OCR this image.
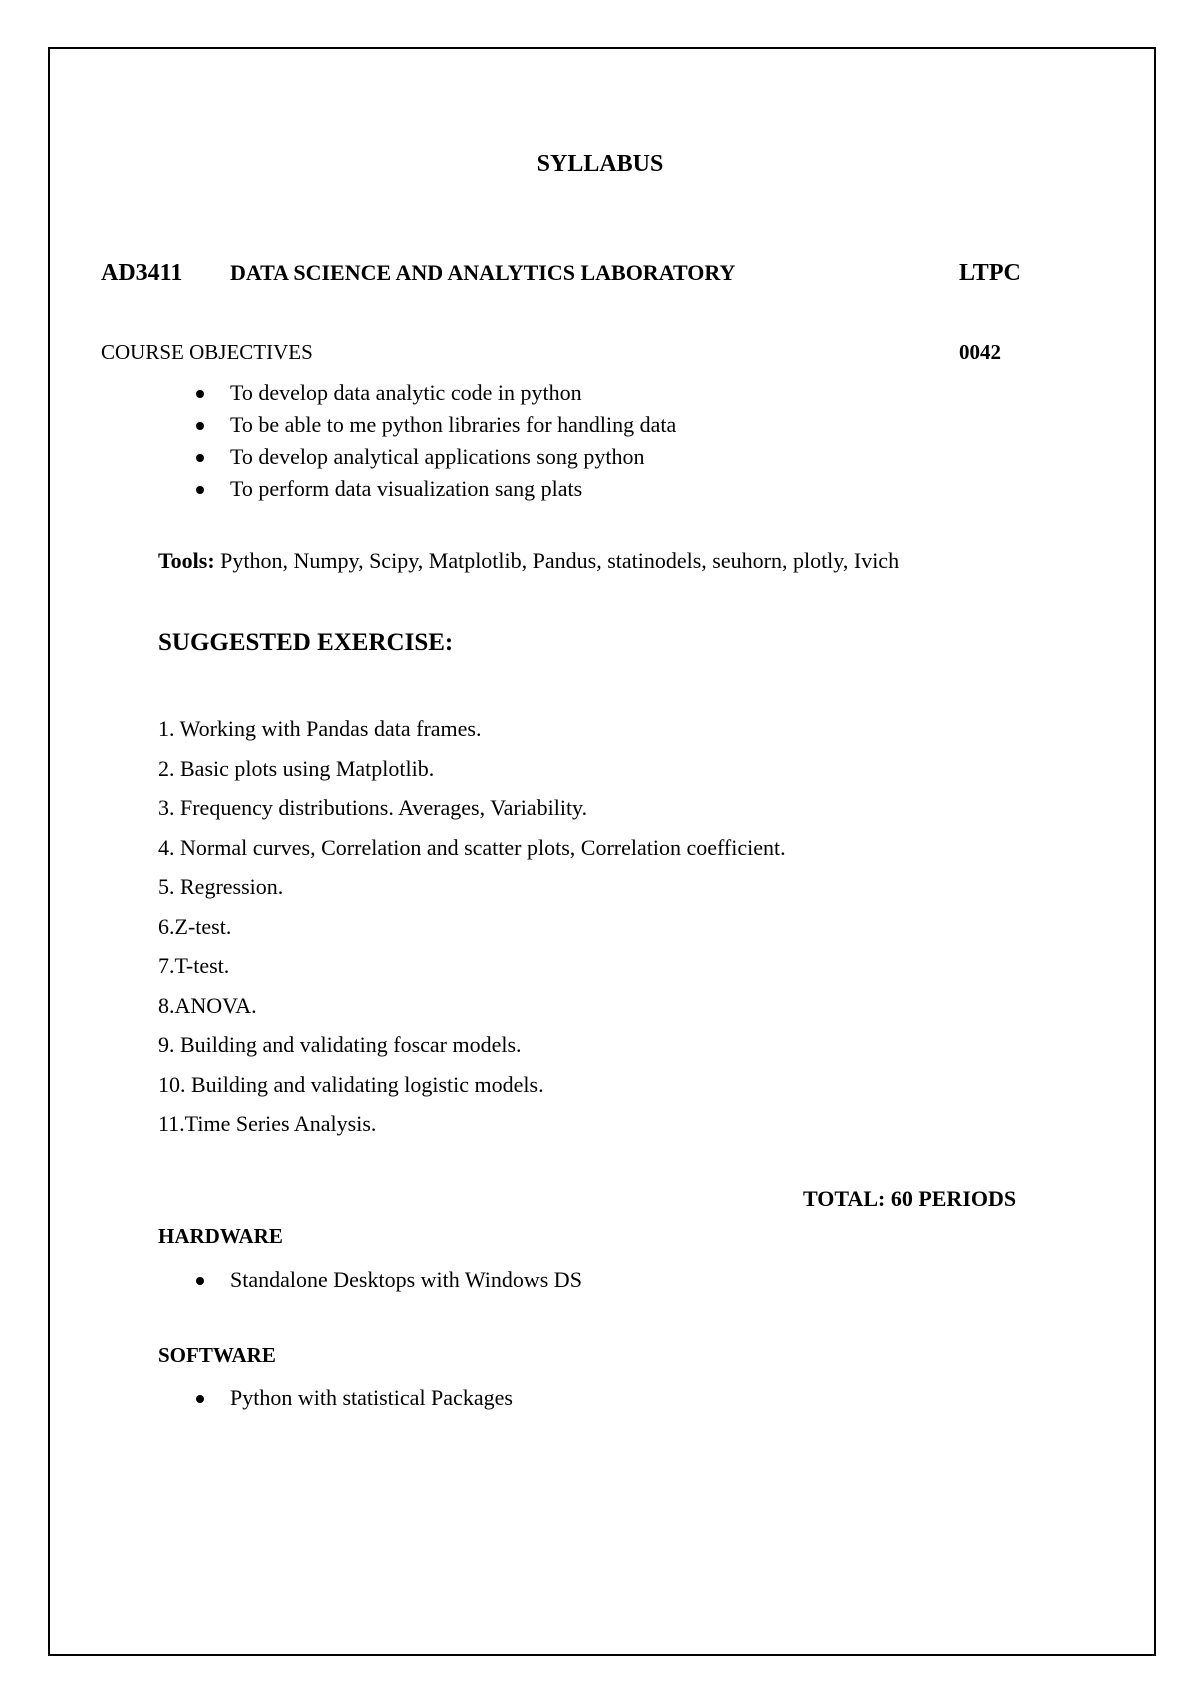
SYLLABUS
AD3411 DATA SCIENCE AND ANALYTICS LABORATORY	LTPC
COURSE OBJECTIVES	0042
To develop data analytic code in python
To be able to me python libraries for handling data
To develop analytical applications song python
To perform data visualization sang plats
Tools: Python, Numpy, Scipy, Matplotlib, Pandus, statinodels, seuhorn, plotly, Ivich
SUGGESTED EXERCISE:
1. Working with Pandas data frames.
2. Basic plots using Matplotlib.
3. Frequency distributions. Averages, Variability.
4. Normal curves, Correlation and scatter plots, Correlation coefficient.
5. Regression.
6.Z-test.
7.T-test.
8.ANOVA.
9. Building and validating foscar models.
10. Building and validating logistic models.
11.Time Series Analysis.
TOTAL: 60 PERIODS
HARDWARE
Standalone Desktops with Windows DS
SOFTWARE
Python with statistical Packages
